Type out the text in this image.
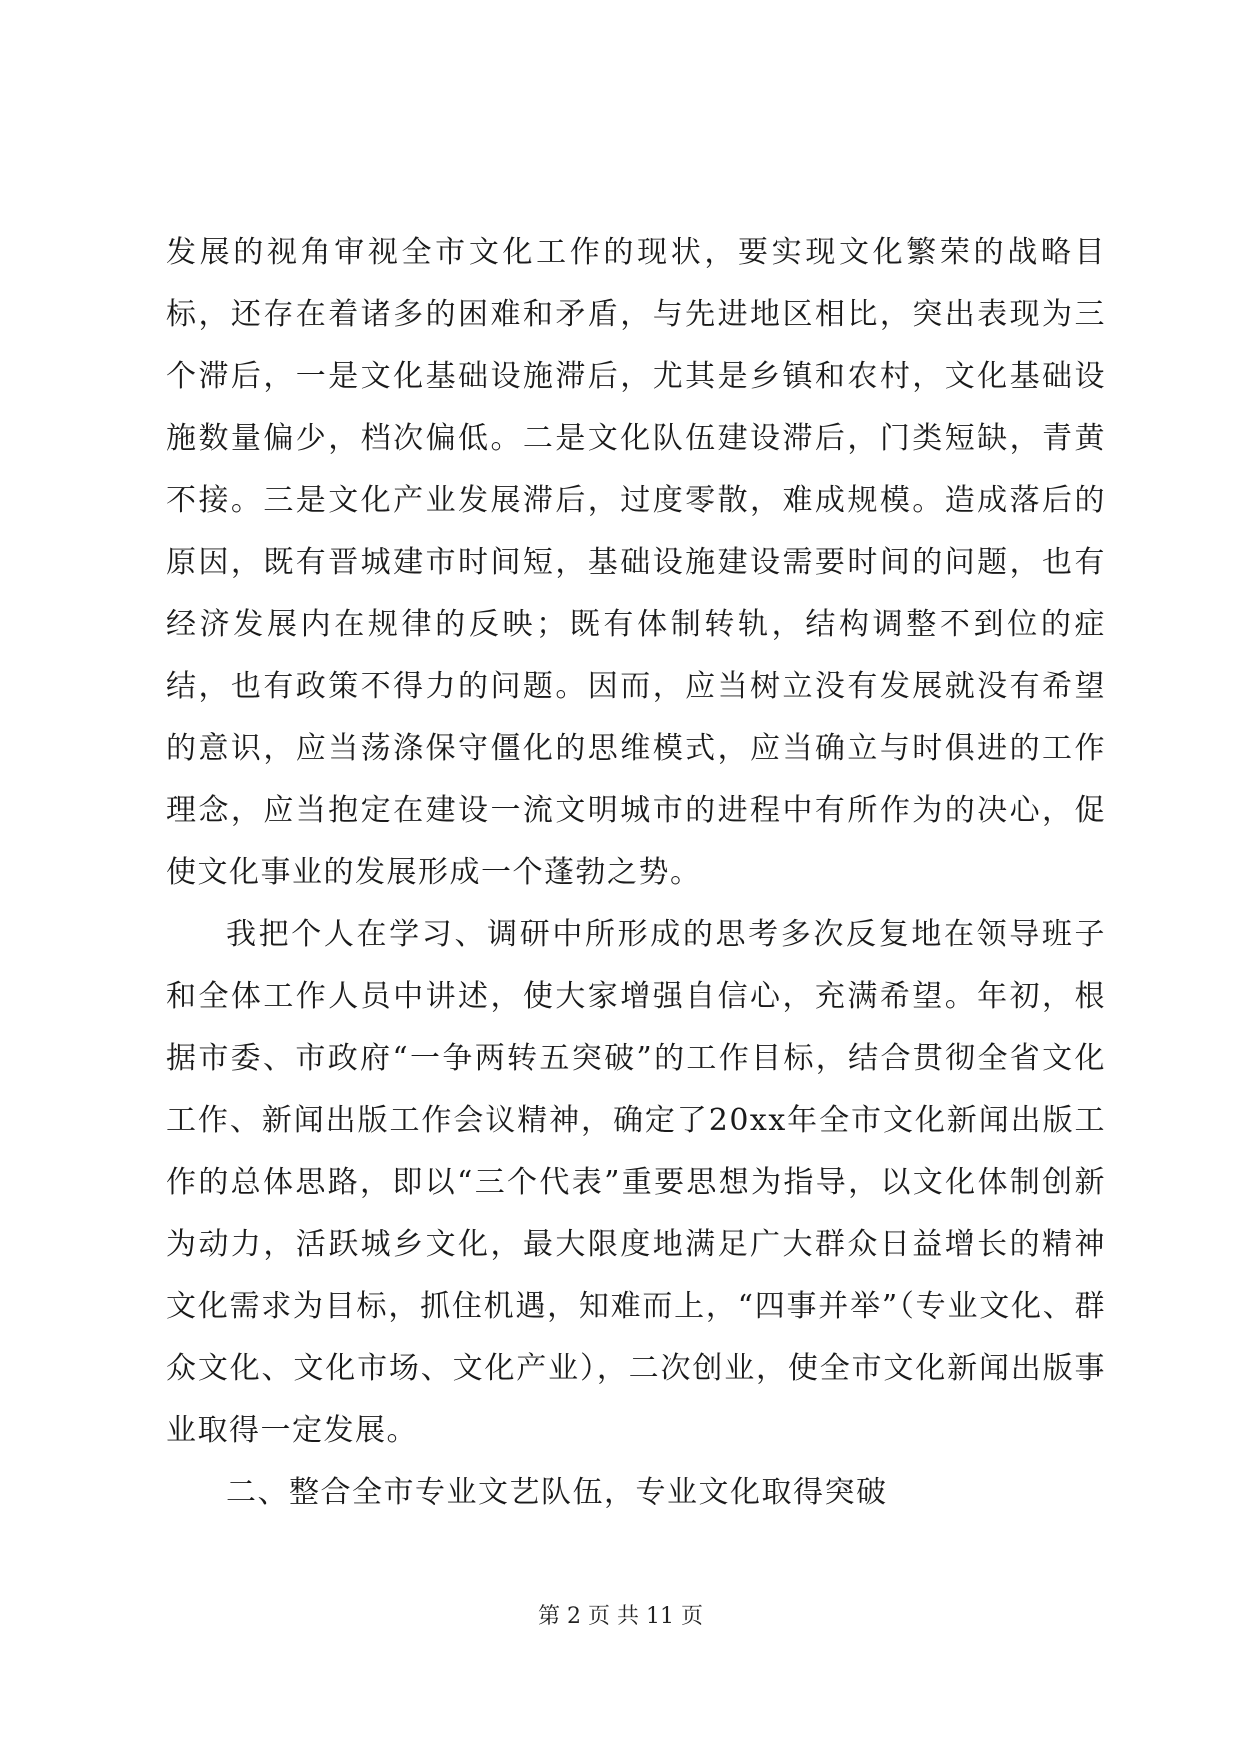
发展的视角审视全市文化工作的现状，要实现文化繁荣的战略目标，还存在着诸多的困难和矛盾，与先进地区相比，突出表现为三个滞后，一是文化基础设施滞后，尤其是乡镇和农村，文化基础设施数量偏少，档次偏低。二是文化队伍建设滞后，门类短缺，青黄不接。三是文化产业发展滞后，过度零散，难成规模。造成落后的原因，既有晋城建市时间短，基础设施建设需要时间的问题，也有经济发展内在规律的反映；既有体制转轨，结构调整不到位的症结，也有政策不得力的问题。因而，应当树立没有发展就没有希望的意识，应当荡涤保守僵化的思维模式，应当确立与时俱进的工作理念，应当抱定在建设一流文明城市的进程中有所作为的决心，促使文化事业的发展形成一个蓬勃之势。

我把个人在学习、调研中所形成的思考多次反复地在领导班子和全体工作人员中讲述，使大家增强自信心，充满希望。年初，根据市委、市政府“一争两转五突破”的工作目标，结合贯彻全省文化工作、新闻出版工作会议精神，确定了20xx年全市文化新闻出版工作的总体思路，即以“三个代表”重要思想为指导，以文化体制创新为动力，活跃城乡文化，最大限度地满足广大群众日益增长的精神文化需求为目标，抓住机遇，知难而上，“四事并举”（专业文化、群众文化、文化市场、文化产业），二次创业，使全市文化新闻出版事业取得一定发展。

二、整合全市专业文艺队伍，专业文化取得突破

第 2 页 共 11 页
